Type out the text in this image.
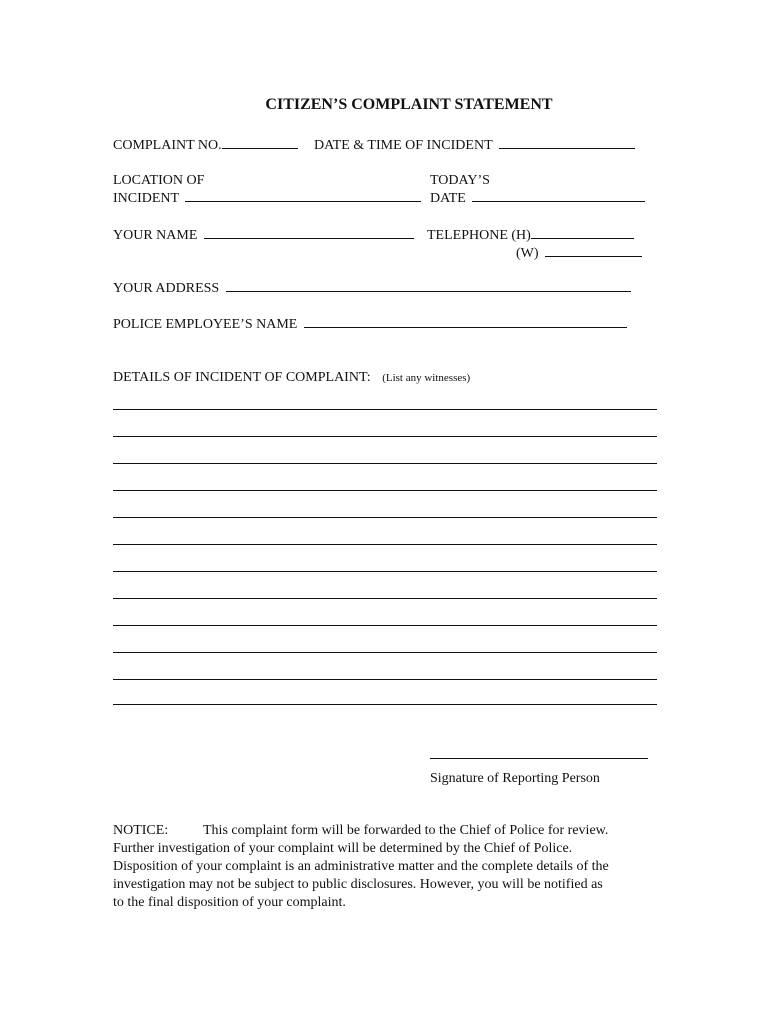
CITIZEN’S COMPLAINT STATEMENT
COMPLAINT NO.	DATE & TIME OF INCIDENT
LOCATION OF
INCIDENT
TODAY’S
DATE
YOUR NAME	TELEPHONE (H)
(W)
YOUR ADDRESS
POLICE EMPLOYEE’S NAME
DETAILS OF INCIDENT OF COMPLAINT: (List any witnesses)
Signature of Reporting Person
NOTICE: This complaint form will be forwarded to the Chief of Police for review.
Further investigation of your complaint will be determined by the Chief of Police.
Disposition of your complaint is an administrative matter and the complete details of the
investigation may not be subject to public disclosures. However, you will be notified as
to the final disposition of your complaint.
